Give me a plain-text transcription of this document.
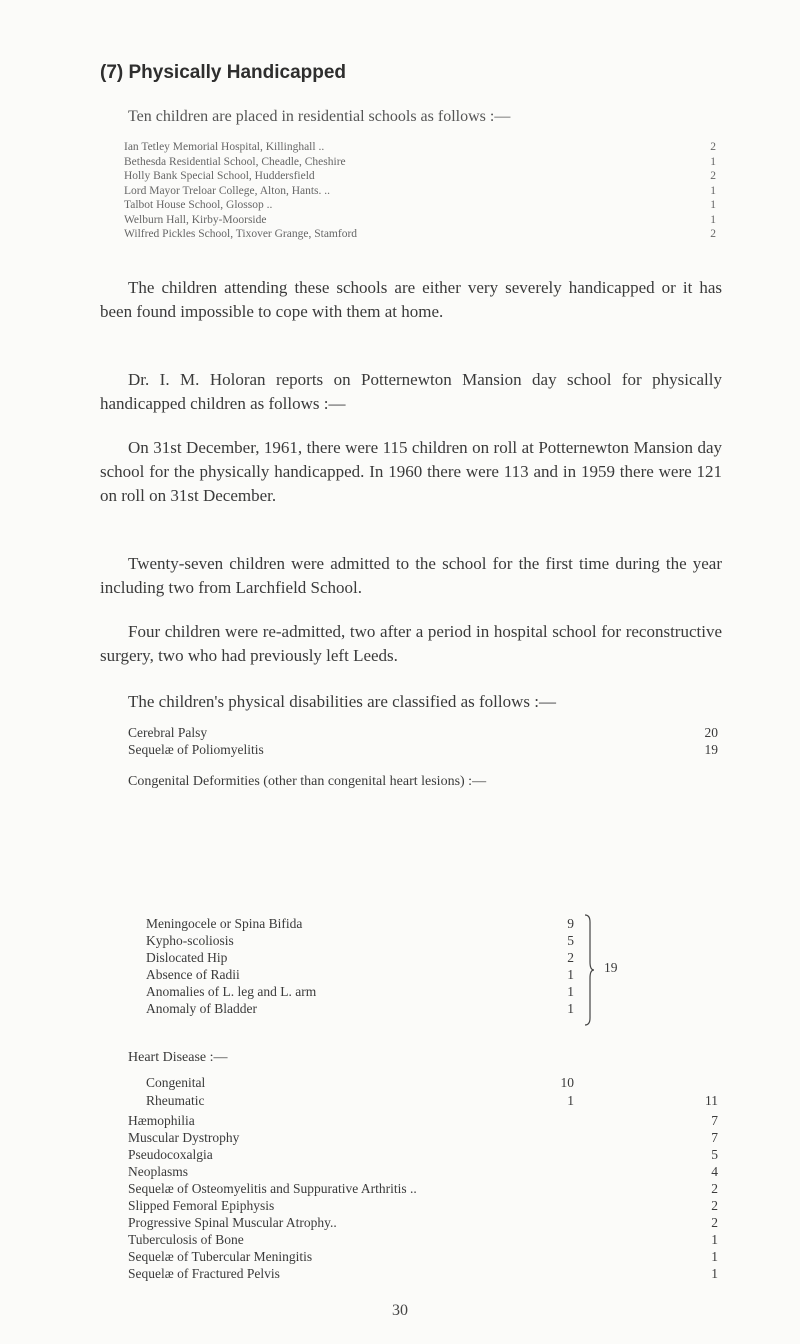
(7) Physically Handicapped
Ten children are placed in residential schools as follows :—
Ian Tetley Memorial Hospital, Killinghall ..	2
Bethesda Residential School, Cheadle, Cheshire	1
Holly Bank Special School, Huddersfield	2
Lord Mayor Treloar College, Alton, Hants. ..	1
Talbot House School, Glossop ..	1
Welburn Hall, Kirby-Moorside	1
Wilfred Pickles School, Tixover Grange, Stamford	2

The children attending these schools are either very severely handicapped or it has been found impossible to cope with them at home.

Dr. I. M. Holoran reports on Potternewton Mansion day school for physically handicapped children as follows :—

On 31st December, 1961, there were 115 children on roll at Potternewton Mansion day school for the physically handicapped. In 1960 there were 113 and in 1959 there were 121 on roll on 31st December.

Twenty-seven children were admitted to the school for the first time during the year including two from Larchfield School.

Four children were re-admitted, two after a period in hospital school for reconstructive surgery, two who had previously left Leeds.

The children's physical disabilities are classified as follows :—

Cerebral Palsy	20
Sequelæ of Poliomyelitis	19
Congenital Deformities (other than congenital heart lesions) :—
Meningocele or Spina Bifida	9
Kypho-scoliosis	5
Dislocated Hip	2
Absence of Radii	1
Anomalies of L. leg and L. arm	1
Anomaly of Bladder	1
19
Heart Disease :—
Congenital	10
Rheumatic	1	11
Hæmophilia	7
Muscular Dystrophy	7
Pseudocoxalgia	5
Neoplasms	4
Sequelæ of Osteomyelitis and Suppurative Arthritis ..	2
Slipped Femoral Epiphysis	2
Progressive Spinal Muscular Atrophy..	2
Tuberculosis of Bone	1
Sequelæ of Tubercular Meningitis	1
Sequelæ of Fractured Pelvis	1
30
